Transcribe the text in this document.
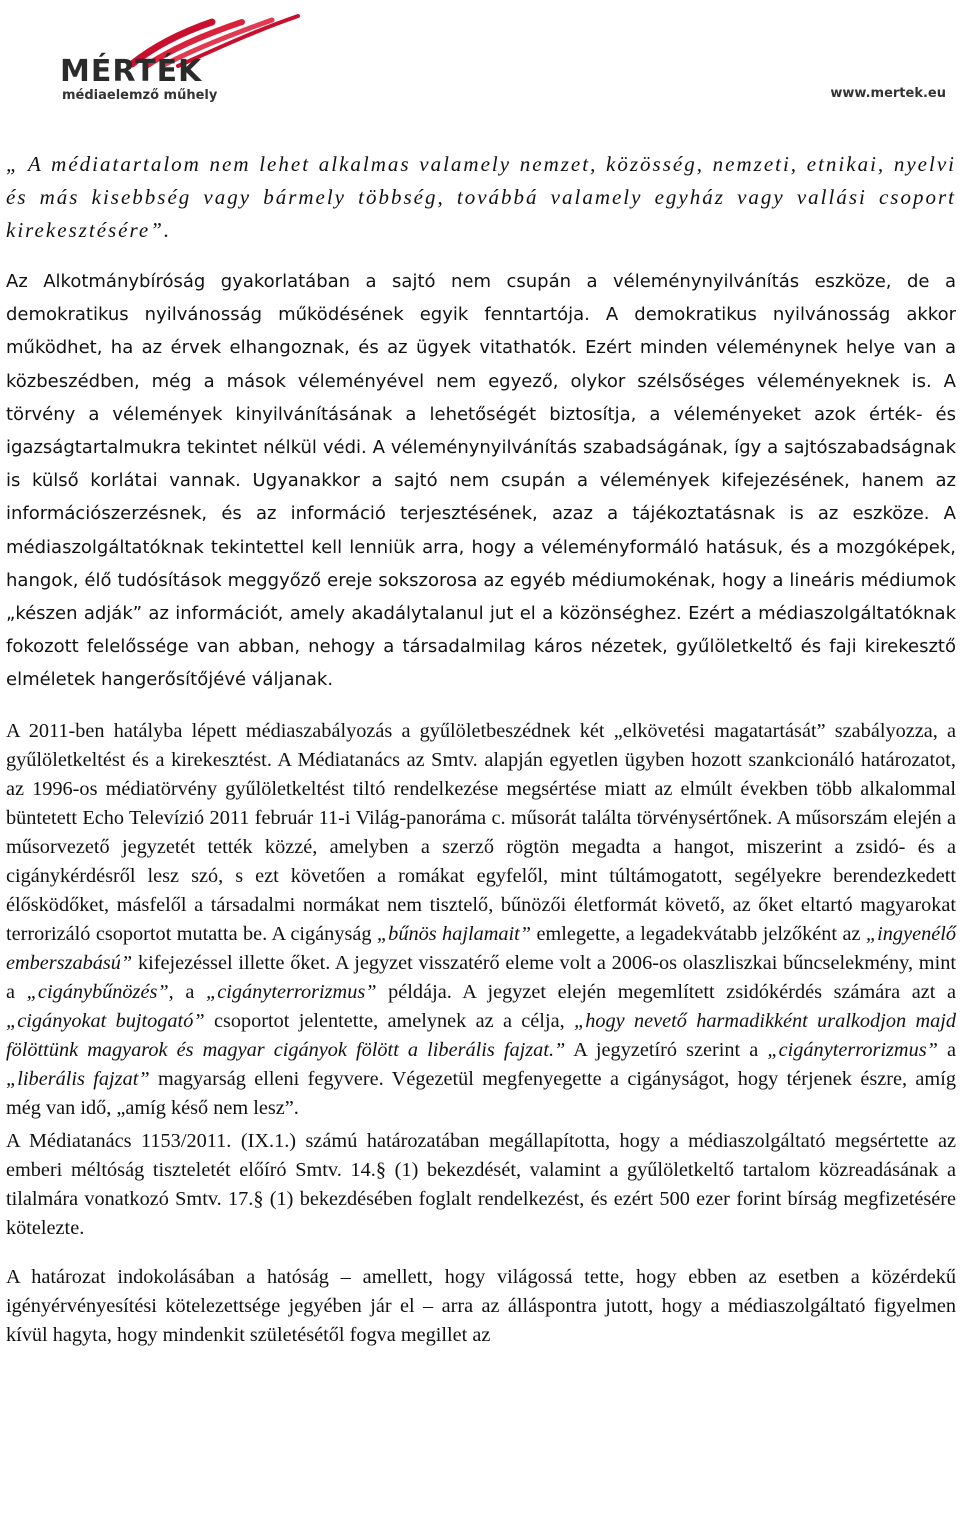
MÉRTÉK
médiaelemző műhely	www.mertek.eu

„ A médiatartalom nem lehet alkalmas valamely nemzet, közösség, nemzeti, etnikai, nyelvi és más kisebbség vagy bármely többség, továbbá valamely egyház vagy vallási csoport kirekesztésére”.

Az Alkotmánybíróság gyakorlatában a sajtó nem csupán a véleménynyilvánítás eszköze, de a demokratikus nyilvánosság működésének egyik fenntartója. A demokratikus nyilvánosság akkor működhet, ha az érvek elhangoznak, és az ügyek vitathatók. Ezért minden véleménynek helye van a közbeszédben, még a mások véleményével nem egyező, olykor szélsőséges véleményeknek is. A törvény a vélemények kinyilvánításának a lehetőségét biztosítja, a véleményeket azok érték- és igazságtartalmukra tekintet nélkül védi. A véleménynyilvánítás szabadságának, így a sajtószabadságnak is külső korlátai vannak. Ugyanakkor a sajtó nem csupán a vélemények kifejezésének, hanem az információszerzésnek, és az információ terjesztésének, azaz a tájékoztatásnak is az eszköze. A médiaszolgáltatóknak tekintettel kell lenniük arra, hogy a véleményformáló hatásuk, és a mozgóképek, hangok, élő tudósítások meggyőző ereje sokszorosa az egyéb médiumokénak, hogy a lineáris médiumok „készen adják” az információt, amely akadálytalanul jut el a közönséghez. Ezért a médiaszolgáltatóknak fokozott felelőssége van abban, nehogy a társadalmilag káros nézetek, gyűlöletkeltő és faji kirekesztő elméletek hangerősítőjévé váljanak.

A 2011-ben hatályba lépett médiaszabályozás a gyűlöletbeszédnek két „elkövetési magatartását” szabályozza, a gyűlöletkeltést és a kirekesztést. A Médiatanács az Smtv. alapján egyetlen ügyben hozott szankcionáló határozatot, az 1996-os médiatörvény gyűlöletkeltést tiltó rendelkezése megsértése miatt az elmúlt években több alkalommal büntetett Echo Televízió 2011 február 11-i Világ-panoráma c. műsorát találta törvénysértőnek. A műsorszám elején a műsorvezető jegyzetét tették közzé, amelyben a szerző rögtön megadta a hangot, miszerint a zsidó- és a cigánykérdésről lesz szó, s ezt követően a romákat egyfelől, mint túltámogatott, segélyekre berendezkedett élősködőket, másfelől a társadalmi normákat nem tisztelő, bűnözői életformát követő, az őket eltartó magyarokat terrorizáló csoportot mutatta be. A cigányság „bűnös hajlamait” emlegette, a legadekvátabb jelzőként az „ingyenélő emberszabású” kifejezéssel illette őket. A jegyzet visszatérő eleme volt a 2006-os olaszliszkai bűncselekmény, mint a „cigánybűnözés”, a „cigányterrorizmus” példája. A jegyzet elején megemlített zsidókérdés számára azt a „cigányokat bujtogató” csoportot jelentette, amelynek az a célja, „hogy nevető harmadikként uralkodjon majd fölöttünk magyarok és magyar cigányok fölött a liberális fajzat.” A jegyzetíró szerint a „cigányterrorizmus” a „liberális fajzat” magyarság elleni fegyvere. Végezetül megfenyegette a cigányságot, hogy térjenek észre, amíg még van idő, „amíg késő nem lesz”.

A Médiatanács 1153/2011. (IX.1.) számú határozatában megállapította, hogy a médiaszolgáltató megsértette az emberi méltóság tiszteletét előíró Smtv. 14.§ (1) bekezdését, valamint a gyűlöletkeltő tartalom közreadásának a tilalmára vonatkozó Smtv. 17.§ (1) bekezdésében foglalt rendelkezést, és ezért 500 ezer forint bírság megfizetésére kötelezte.

A határozat indokolásában a hatóság – amellett, hogy világossá tette, hogy ebben az esetben a közérdekű igényérvényesítési kötelezettsége jegyében jár el – arra az álláspontra jutott, hogy a médiaszolgáltató figyelmen kívül hagyta, hogy mindenkit születésétől fogva megillet az
